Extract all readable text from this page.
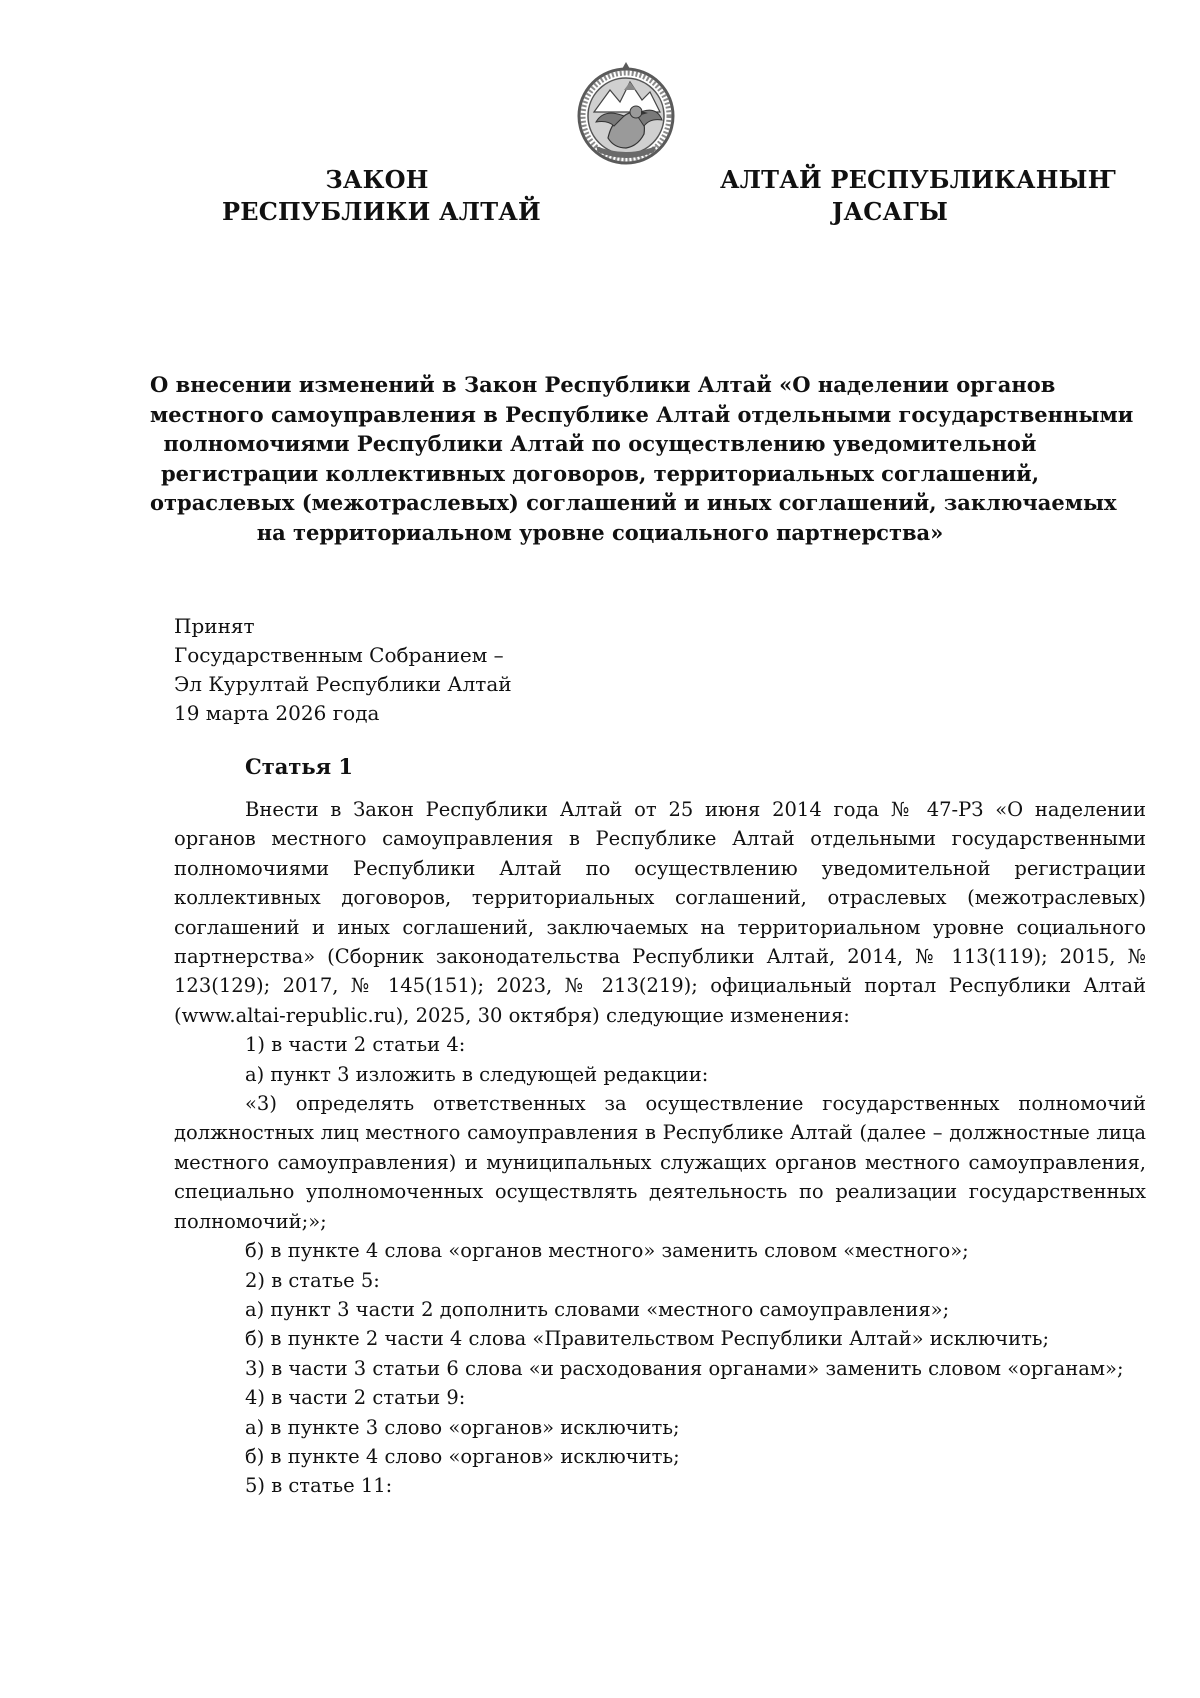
ЗАКОН
РЕСПУБЛИКИ АЛТАЙ
АЛТАЙ РЕСПУБЛИКАНЫҤ
ЈАСАГЫ
О внесении изменений в Закон Республики Алтай «О наделении органов
местного самоуправления в Республике Алтай отдельными государственными
полномочиями Республики Алтай по осуществлению уведомительной
регистрации коллективных договоров, территориальных соглашений,
отраслевых (межотраслевых) соглашений и иных соглашений, заключаемых
на территориальном уровне социального партнерства»
Принят
Государственным Собранием –
Эл Курултай Республики Алтай
19 марта 2026 года
Статья 1

Внести в Закон Республики Алтай от 25 июня 2014 года № 47-РЗ «О наделении органов местного самоуправления в Республике Алтай отдельными государственными полномочиями Республики Алтай по осуществлению уведомительной регистрации коллективных договоров, территориальных соглашений, отраслевых (межотраслевых) соглашений и иных соглашений, заключаемых на территориальном уровне социального партнерства» (Сборник законодательства Республики Алтай, 2014, № 113(119); 2015, № 123(129); 2017, № 145(151); 2023, № 213(219); официальный портал Республики Алтай (www.altai-republic.ru), 2025, 30 октября) следующие изменения:

1) в части 2 статьи 4:

а) пункт 3 изложить в следующей редакции:

«3) определять ответственных за осуществление государственных полномочий должностных лиц местного самоуправления в Республике Алтай (далее – должностные лица местного самоуправления) и муниципальных служащих органов местного самоуправления, специально уполномоченных осуществлять деятельность по реализации государственных полномочий;»;

б) в пункте 4 слова «органов местного» заменить словом «местного»;

2) в статье 5:

а) пункт 3 части 2 дополнить словами «местного самоуправления»;

б) в пункте 2 части 4 слова «Правительством Республики Алтай» исключить;

3) в части 3 статьи 6 слова «и расходования органами» заменить словом «органам»;

4) в части 2 статьи 9:

а) в пункте 3 слово «органов» исключить;

б) в пункте 4 слово «органов» исключить;

5) в статье 11:
